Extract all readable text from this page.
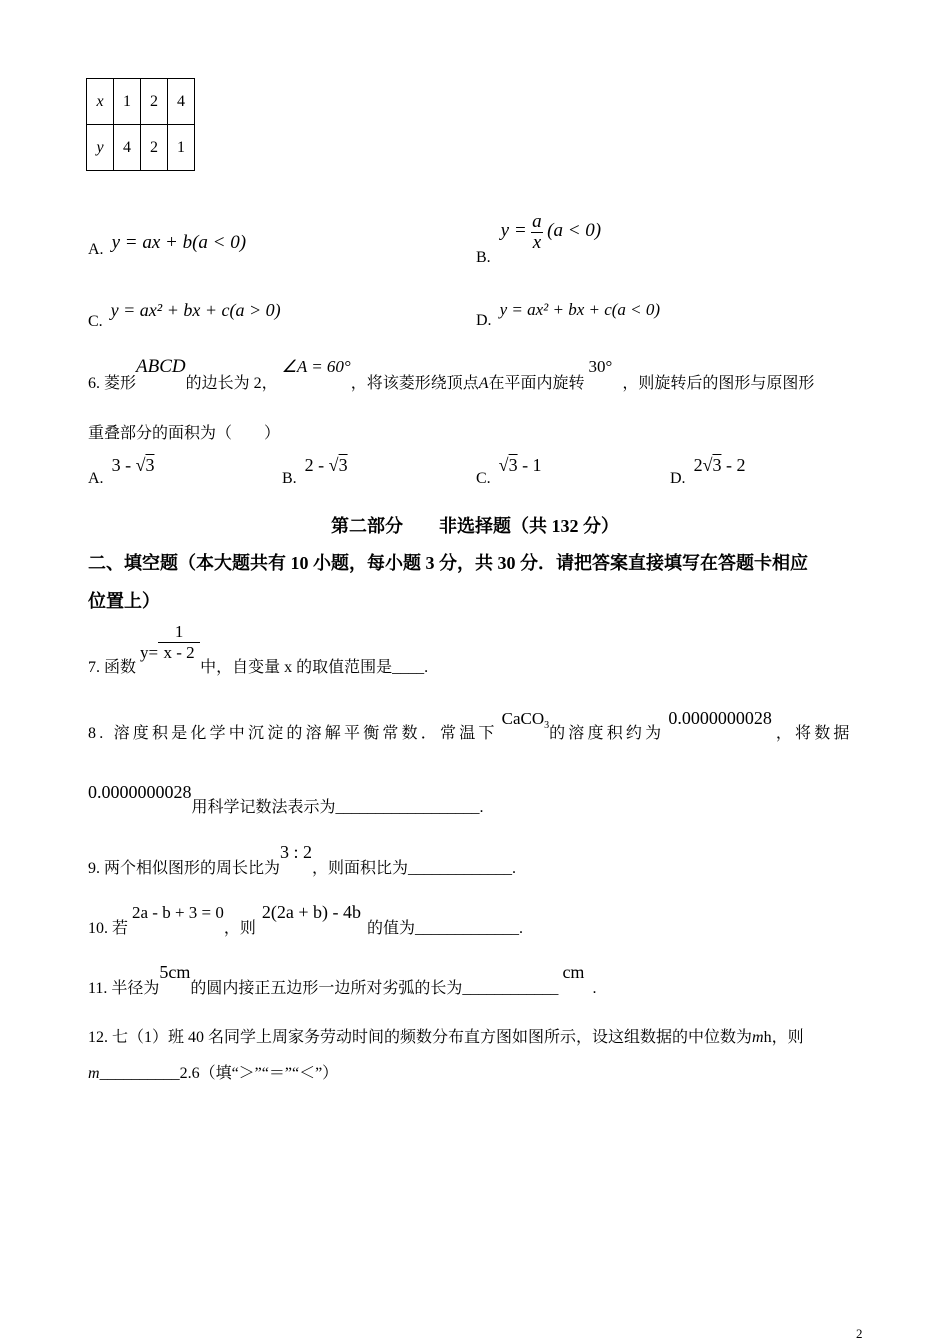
x	1	2	4
y	4	2	1
A. y = ax + b(a < 0)
B. $y = \frac{a}{x} (a < 0)$
C. y = ax² + bx + c(a > 0)
D. y = ax² + bx + c(a < 0)
6. 菱形ABCD的边长为 2，∠A = 60°，将该菱形绕顶点A在平面内旋转30°，则旋转后的图形与原图形
重叠部分的面积为（　　）
A. 3 - √3
B. 2 - √3
C. √3 - 1
D. 2√3 - 2
第二部分　　非选择题（共 132 分）
二、填空题（本大题共有 10 小题，每小题 3 分，共 30 分．请把答案直接填写在答题卡相应
位置上）
7. 函数 $y= \frac{1}{x - 2}$
中，自变量 x 的取值范围是____.
8. 溶度积是化学中沉淀的溶解平衡常数．常温下CaCO$_3$的溶度积约为0.0000000028，将数据
0.0000000028用科学记数法表示为__________________.
9. 两个相似图形的周长比为3 : 2，则面积比为_____________.
10. 若2a - b + 3 = 0，则2(2a + b) - 4b的值为_____________.
11. 半径为5cm的圆内接正五边形一边所对劣弧的长为____________cm.
12. 七（1）班 40 名同学上周家务劳动时间的频数分布直方图如图所示，设这组数据的中位数为mh，则
m__________2.6（填“＞”“＝”“＜”）
2
